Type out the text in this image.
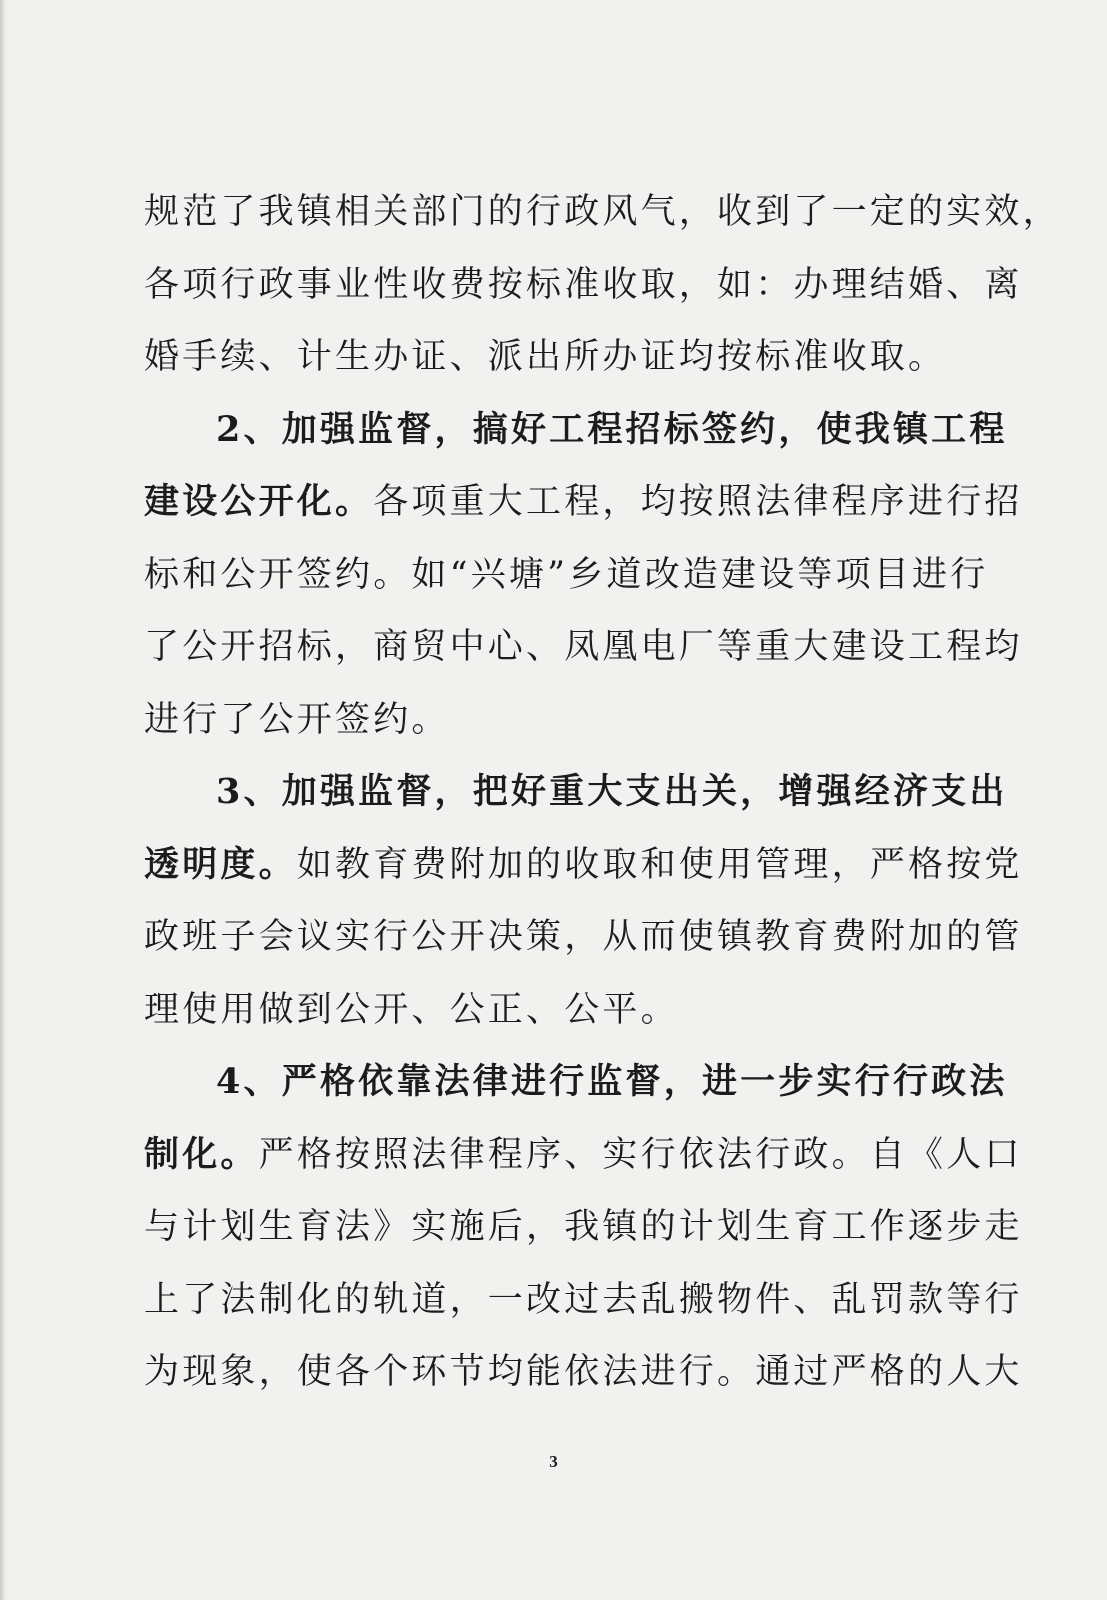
规范了我镇相关部门的行政风气，收到了一定的实效，
各项行政事业性收费按标准收取，如：办理结婚、离
婚手续、计生办证、派出所办证均按标准收取。
2、加强监督，搞好工程招标签约，使我镇工程
建设公开化。各项重大工程，均按照法律程序进行招
标和公开签约。如“兴塘”乡道改造建设等项目进行
了公开招标，商贸中心、凤凰电厂等重大建设工程均
进行了公开签约。
3、加强监督，把好重大支出关，增强经济支出
透明度。如教育费附加的收取和使用管理，严格按党
政班子会议实行公开决策，从而使镇教育费附加的管
理使用做到公开、公正、公平。
4、严格依靠法律进行监督，进一步实行行政法
制化。严格按照法律程序、实行依法行政。自《人口
与计划生育法》实施后，我镇的计划生育工作逐步走
上了法制化的轨道，一改过去乱搬物件、乱罚款等行
为现象，使各个环节均能依法进行。通过严格的人大
3
